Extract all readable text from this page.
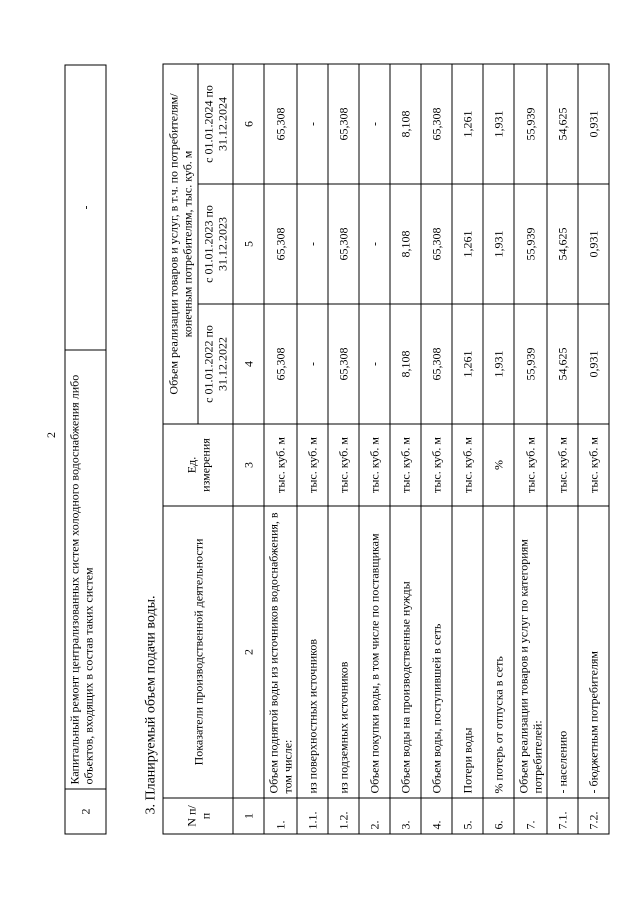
2
2	Капитальный ремонт централизованных систем холодного водоснабжения либо объектов, входящих в состав таких систем	-
3. Планируемый объем подачи воды.
N п/п	Показатели производственной деятельности	Ед. измерения	Объем реализации товаров и услуг, в т.ч. по потребителям/ конечным потребителям, тыс. куб. м		
			с 01.01.2022 по 31.12.2022	с 01.01.2023 по 31.12.2023	с 01.01.2024 по 31.12.2024
1	2	3	4	5	6
1.	Объем поднятой воды из источников водоснабжения, в том числе:	тыс. куб. м	65,308	65,308	65,308
1.1.	из поверхностных источников	тыс. куб. м	-	-	-
1.2.	из подземных источников	тыс. куб. м	65,308	65,308	65,308
2.	Объем покупки воды, в том числе по поставщикам	тыс. куб. м	-	-	-
3.	Объем воды на производственные нужды	тыс. куб. м	8,108	8,108	8,108
4.	Объем воды, поступившей в сеть	тыс. куб. м	65,308	65,308	65,308
5.	Потери воды	тыс. куб. м	1,261	1,261	1,261
6.	% потерь от отпуска в сеть	%	1,931	1,931	1,931
7.	Объем реализации товаров и услуг по категориям потребителей:	тыс. куб. м	55,939	55,939	55,939
7.1.	- населению	тыс. куб. м	54,625	54,625	54,625
7.2.	- бюджетным потребителям	тыс. куб. м	0,931	0,931	0,931
